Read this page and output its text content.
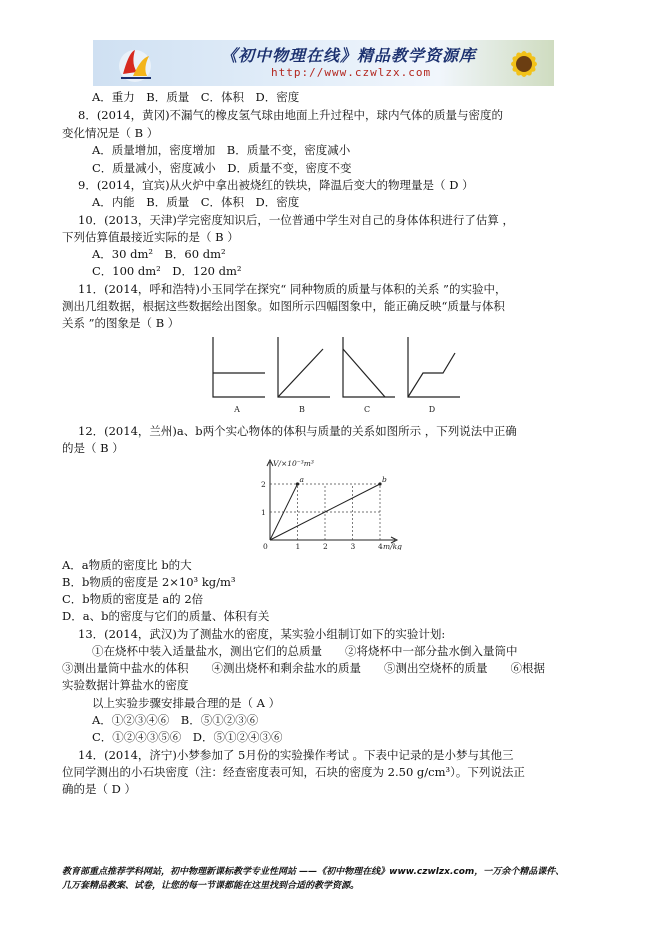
《初中物理在线》精品教学资源库
http://www.czwlzx.com
A．重力　B．质量　C．体积　D．密度
8．(2014，黄冈)不漏气的橡皮氢气球由地面上升过程中，球内气体的质量与密度的
变化情况是（ B ）
A．质量增加，密度增加　B．质量不变，密度减小
C．质量减小，密度减小　D．质量不变，密度不变
9．(2014，宜宾)从火炉中拿出被烧红的铁块，降温后变大的物理量是（ D ）
A．内能　B．质量　C．体积　D．密度
10．(2013，天津)学完密度知识后，一位普通中学生对自己的身体体积进行了估算 ，
下列估算值最接近实际的是（ B ）
A．30 dm²　B．60 dm²
C．100 dm²　D．120 dm²
11．(2014，呼和浩特)小玉同学在探究“ 同种物质的质量与体积的关系 ”的实验中，
测出几组数据，根据这些数据绘出图象。如图所示四幅图象中，能正确反映“质量与体积
关系 ”的图象是（ B ）
A	B	C	D
12．(2014，兰州)a、b两个实心物体的体积与质量的关系如图所示 ，下列说法中正确
的是（ B ）
a	b
0	1	2	3	4
1
2
V/×10⁻³m³
m/kg
A．a物质的密度比 b的大
B．b物质的密度是 2×10³ kg/m³
C．b物质的密度是 a的 2倍
D．a、b的密度与它们的质量、体积有关
13．(2014，武汉)为了测盐水的密度，某实验小组制订如下的实验计划:
①在烧杯中装入适量盐水，测出它们的总质量　　②将烧杯中一部分盐水倒入量筒中
③测出量筒中盐水的体积　　④测出烧杯和剩余盐水的质量　　⑤测出空烧杯的质量　　⑥根据
实验数据计算盐水的密度
以上实验步骤安排最合理的是（ A ）
A．①②③④⑥　B．⑤①②③⑥
C．①②④③⑤⑥　D．⑤①②④③⑥
14．(2014，济宁)小梦参加了 5月份的实验操作考试 。下表中记录的是小梦与其他三
位同学测出的小石块密度（注：经查密度表可知，石块的密度为 2.50 g/cm³）。下列说法正
确的是（ D ）
教育部重点推荐学科网站，初中物理新课标教学专业性网站 ——《初中物理在线》www.czwlzx.com，一万余个精品课件、
几万套精品教案、试卷，让您的每一节课都能在这里找到合适的教学资源。
